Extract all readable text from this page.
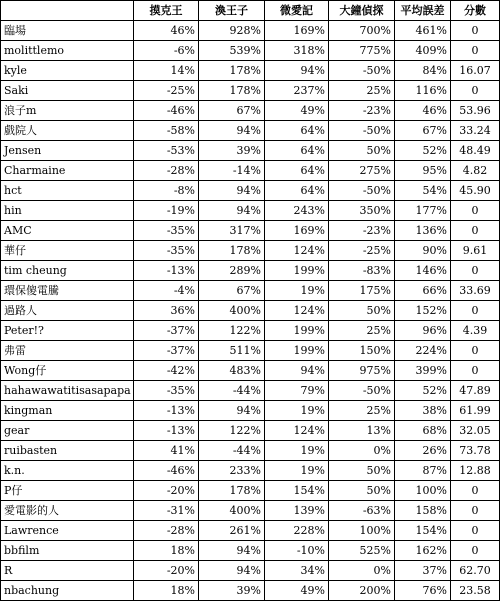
	摸克王	渙王子	微愛記	大鐘偵探	平均誤差	分數
臨場	46%	928%	169%	700%	461%	0
molittlemo	-6%	539%	318%	775%	409%	0
kyle	14%	178%	94%	-50%	84%	16.07
Saki	-25%	178%	237%	25%	116%	0
浪子m	-46%	67%	49%	-23%	46%	53.96
戲院人	-58%	94%	64%	-50%	67%	33.24
Jensen	-53%	39%	64%	50%	52%	48.49
Charmaine	-28%	-14%	64%	275%	95%	4.82
hct	-8%	94%	64%	-50%	54%	45.90
hin	-19%	94%	243%	350%	177%	0
AMC	-35%	317%	169%	-23%	136%	0
華仔	-35%	178%	124%	-25%	90%	9.61
tim cheung	-13%	289%	199%	-83%	146%	0
環保傻電騰	-4%	67%	19%	175%	66%	33.69
過路人	36%	400%	124%	50%	152%	0
Peter!?	-37%	122%	199%	25%	96%	4.39
弗雷	-37%	511%	199%	150%	224%	0
Wong仔	-42%	483%	94%	975%	399%	0
hahawawatitisasapapa	-35%	-44%	79%	-50%	52%	47.89
kingman	-13%	94%	19%	25%	38%	61.99
gear	-13%	122%	124%	13%	68%	32.05
ruibasten	41%	-44%	19%	0%	26%	73.78
k.n.	-46%	233%	19%	50%	87%	12.88
P仔	-20%	178%	154%	50%	100%	0
愛電影的人	-31%	400%	139%	-63%	158%	0
Lawrence	-28%	261%	228%	100%	154%	0
bbfilm	18%	94%	-10%	525%	162%	0
R	-20%	94%	34%	0%	37%	62.70
nbachung	18%	39%	49%	200%	76%	23.58
